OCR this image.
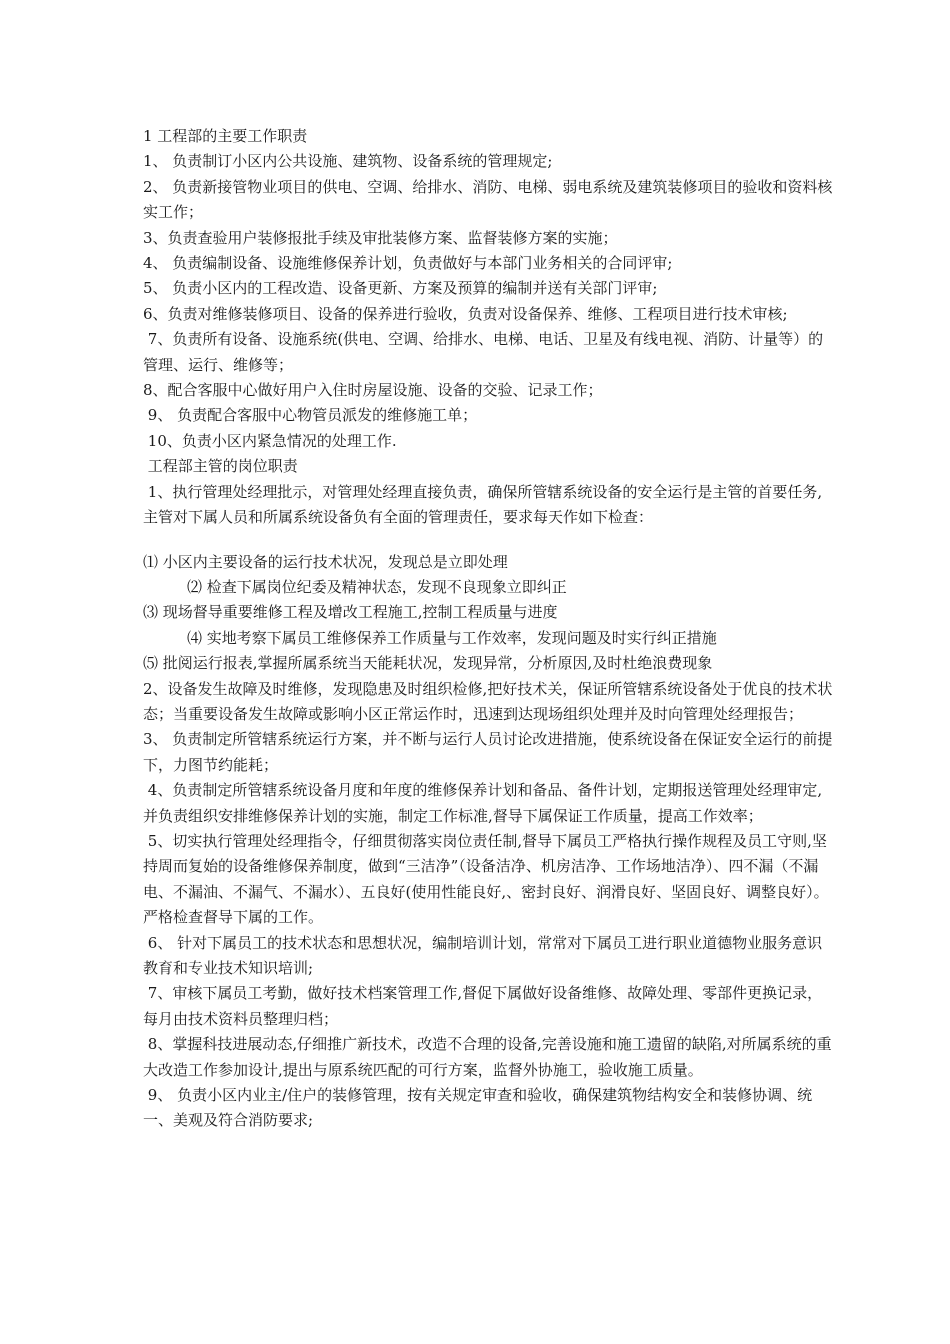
1 工程部的主要工作职责

1、 负责制订小区内公共设施、建筑物、设备系统的管理规定;

2、 负责新接管物业项目的供电、空调、给排水、消防、电梯、弱电系统及建筑装修项目的验收和资料核实工作；

3、负责查验用户装修报批手续及审批装修方案、监督装修方案的实施；

4、 负责编制设备、设施维修保养计划，负责做好与本部门业务相关的合同评审;

5、 负责小区内的工程改造、设备更新、方案及预算的编制并送有关部门评审;

6、负责对维修装修项目、设备的保养进行验收，负责对设备保养、维修、工程项目进行技术审核;

7、负责所有设备、设施系统(供电、空调、给排水、电梯、电话、卫星及有线电视、消防、计量等）的管理、运行、维修等；

8、配合客服中心做好用户入住时房屋设施、设备的交验、记录工作；

9、 负责配合客服中心物管员派发的维修施工单；

10、负责小区内紧急情况的处理工作.

工程部主管的岗位职责

1、执行管理处经理批示，对管理处经理直接负责，确保所管辖系统设备的安全运行是主管的首要任务,主管对下属人员和所属系统设备负有全面的管理责任，要求每天作如下检查：

⑴ 小区内主要设备的运行技术状况，发现总是立即处理

⑵ 检查下属岗位纪委及精神状态，发现不良现象立即纠正

⑶ 现场督导重要维修工程及增改工程施工,控制工程质量与进度

⑷ 实地考察下属员工维修保养工作质量与工作效率，发现问题及时实行纠正措施

⑸ 批阅运行报表,掌握所属系统当天能耗状况，发现异常，分析原因,及时杜绝浪费现象

2、设备发生故障及时维修，发现隐患及时组织检修,把好技术关，保证所管辖系统设备处于优良的技术状态；当重要设备发生故障或影响小区正常运作时，迅速到达现场组织处理并及时向管理处经理报告；

3、 负责制定所管辖系统运行方案，并不断与运行人员讨论改进措施，使系统设备在保证安全运行的前提下，力图节约能耗；

4、负责制定所管辖系统设备月度和年度的维修保养计划和备品、备件计划，定期报送管理处经理审定,并负责组织安排维修保养计划的实施，制定工作标准,督导下属保证工作质量，提高工作效率；

5、切实执行管理处经理指令，仔细贯彻落实岗位责任制,督导下属员工严格执行操作规程及员工守则,坚持周而复始的设备维修保养制度，做到“三洁净”（设备洁净、机房洁净、工作场地洁净）、四不漏（不漏电、不漏油、不漏气、不漏水）、五良好(使用性能良好,、密封良好、润滑良好、坚固良好、调整良好）。严格检查督导下属的工作。

6、 针对下属员工的技术状态和思想状况，编制培训计划，常常对下属员工进行职业道德物业服务意识教育和专业技术知识培训;

7、审核下属员工考勤，做好技术档案管理工作,督促下属做好设备维修、故障处理、零部件更换记录，每月由技术资料员整理归档；

8、掌握科技进展动态,仔细推广新技术，改造不合理的设备,完善设施和施工遗留的缺陷,对所属系统的重大改造工作参加设计,提出与原系统匹配的可行方案，监督外协施工，验收施工质量。

9、 负责小区内业主/住户的装修管理，按有关规定审查和验收，确保建筑物结构安全和装修协调、统一、美观及符合消防要求;
